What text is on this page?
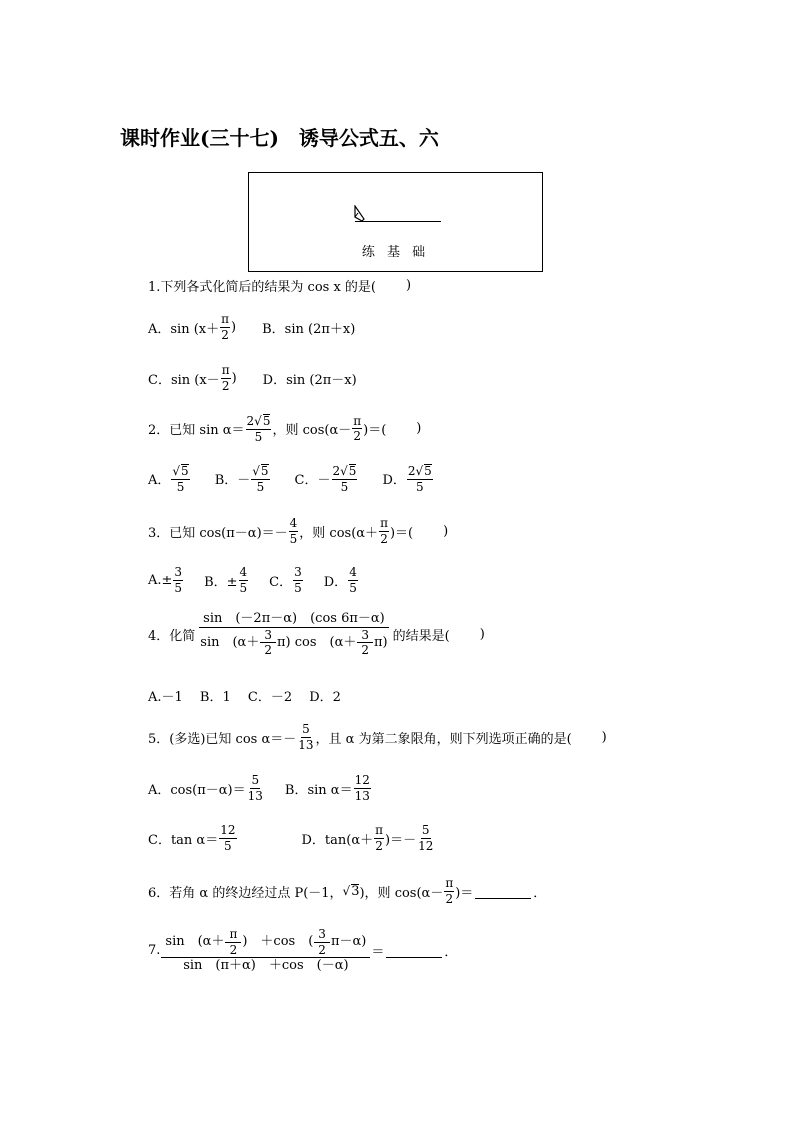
课时作业(三十七)　诱导公式五、六
练 基 础
1.下列各式化简后的结果为 cos x 的是( )
A．$\sin (x+ \frac{\pi}{2}$ ) B．sin (2π＋x)
C．$\sin (x- \frac{\pi}{2}$ ) D．sin (2π－x)
2．已知 $\sin \alpha= \frac{2√5}{5}$ ，则 $\cos(\alpha- \frac{\pi}{2}$ )＝( )
A． $\frac{√5}{5}$ B．－ $\frac{√5}{5}$ C．－ $\frac{2√5}{5}$ D． $\frac{2√5}{5}$
3．已知 $\cos(\pi-\alpha)=- \frac{4}{5}$ ，则 $\cos(\alpha+ \frac{\pi}{2}$ )＝( )
$A.\pm \frac{3}{5}$ B．± $\frac{4}{5}$ C． $\frac{3}{5}$ D． $\frac{4}{5}$
4．化简 $\frac{\sin (-2\pi-\alpha) (\cos 6\pi-\alpha)}{\sin (\alpha+ \frac{3}{2} \pi) \cos (\alpha+ \frac{3}{2} \pi)}$ 的结果是( )
A.－1　 B．1　 C．－2　 D．2
5．(多选)已知 $\cos \alpha=- \frac{5}{13}$ ，且 α 为第二象限角，则下列选项正确的是( )
A．$\cos(\pi-\alpha)= \frac{5}{13}$ B．$\sin \alpha= \frac{12}{13}$
C．$\tan \alpha= \frac{12}{5}$	D．$\tan(\alpha+ \frac{\pi}{2}$ )＝－ $\frac{5}{12}$
6．若角 α 的终边经过点 P(－1， √ 3 )，则 $\cos(\alpha- \frac{\pi}{2}$ )＝	．
7. $\frac{\sin (\alpha+ \frac{\pi}{2} ) +\cos ( \frac{3}{2} \pi-\alpha)}{\sin (\pi+\alpha) +\cos (-\alpha)}$ ＝	．
